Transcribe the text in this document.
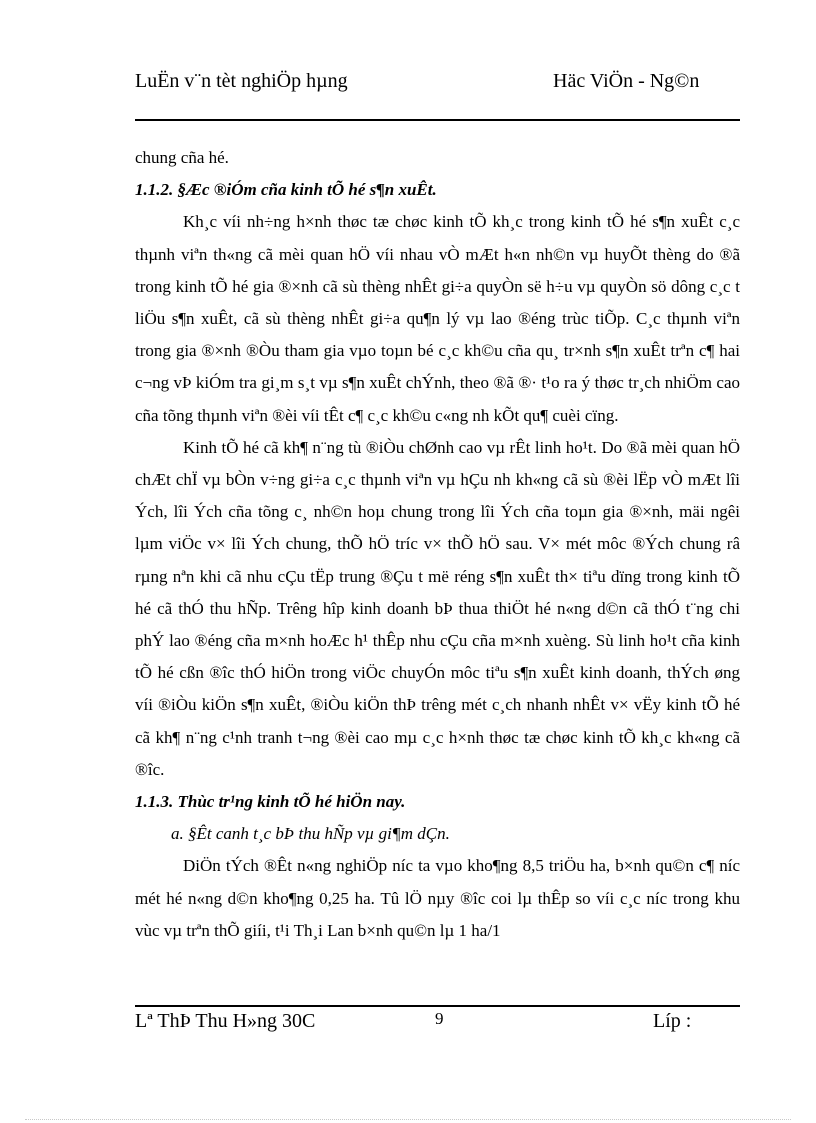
LuËn v¨n tèt nghiÖp hµng	Häc ViÖn - Ng©n

chung cña hé.

1.1.2. §Æc ®iÓm cña kinh tÕ hé s¶n xuÊt.

Kh¸c víi nh÷ng h×nh thøc tæ chøc kinh tÕ kh¸c trong kinh tÕ hé s¶n xuÊt c¸c thµnh viªn th«ng cã mèi quan hÖ víi nhau vÒ mÆt h«n nh©n vµ huyÕt thèng do ®ã trong kinh tÕ hé gia ®×nh cã sù thèng nhÊt gi÷a quyÒn së h÷u vµ quyÒn sö dông c¸c t liÖu s¶n xuÊt, cã sù thèng nhÊt gi÷a qu¶n lý vµ lao ®éng trùc tiÕp. C¸c thµnh viªn trong gia ®×nh ®Òu tham gia vµo toµn bé c¸c kh©u cña qu¸ tr×nh s¶n xuÊt trªn c¶ hai c¬ng vÞ kiÓm tra gi¸m s¸t vµ s¶n xuÊt chÝnh, theo ®ã ®· t¹o ra ý thøc tr¸ch nhiÖm cao cña tõng thµnh viªn ®èi víi tÊt c¶ c¸c kh©u c«ng nh kÕt qu¶ cuèi cïng.

Kinh tÕ hé cã kh¶ n¨ng tù ®iÒu chØnh cao vµ rÊt linh ho¹t. Do ®ã mèi quan hÖ chÆt chÏ vµ bÒn v÷ng gi÷a c¸c thµnh viªn vµ hÇu nh kh«ng cã sù ®èi lËp vÒ mÆt lîi Ých, lîi Ých cña tõng c¸ nh©n hoµ chung trong lîi Ých cña toµn gia ®×nh, mäi ngêi lµm viÖc v× lîi Ých chung, thÕ hÖ tríc v× thÕ hÖ sau. V× mét môc ®Ých chung râ rµng nªn khi cã nhu cÇu tËp trung ®Çu t më réng s¶n xuÊt th× tiªu dïng trong kinh tÕ hé cã thÓ thu hÑp. Trêng hîp kinh doanh bÞ thua thiÖt hé n«ng d©n cã thÓ t¨ng chi phÝ lao ®éng cña m×nh hoÆc h¹ thÊp nhu cÇu cña m×nh xuèng. Sù linh ho¹t cña kinh tÕ hé cßn ®îc thÓ hiÖn trong viÖc chuyÓn môc tiªu s¶n xuÊt kinh doanh, thÝch øng víi ®iÒu kiÖn s¶n xuÊt, ®iÒu kiÖn thÞ trêng mét c¸ch nhanh nhÊt v× vËy kinh tÕ hé cã kh¶ n¨ng c¹nh tranh t¬ng ®èi cao mµ c¸c h×nh thøc tæ chøc kinh tÕ kh¸c kh«ng cã ®îc.

1.1.3. Thùc tr¹ng kinh tÕ hé hiÖn nay.

a. §Êt canh t¸c bÞ thu hÑp vµ gi¶m dÇn.

DiÖn tÝch ®Êt n«ng nghiÖp níc ta vµo kho¶ng 8,5 triÖu ha, b×nh qu©n c¶ níc mét hé n«ng d©n kho¶ng 0,25 ha. Tû lÖ nµy ®îc coi lµ thÊp so víi c¸c níc trong khu vùc vµ trªn thÕ giíi, t¹i Th¸i Lan b×nh qu©n lµ 1 ha/1

Lª ThÞ Thu H»ng 30C	9	Líp :
